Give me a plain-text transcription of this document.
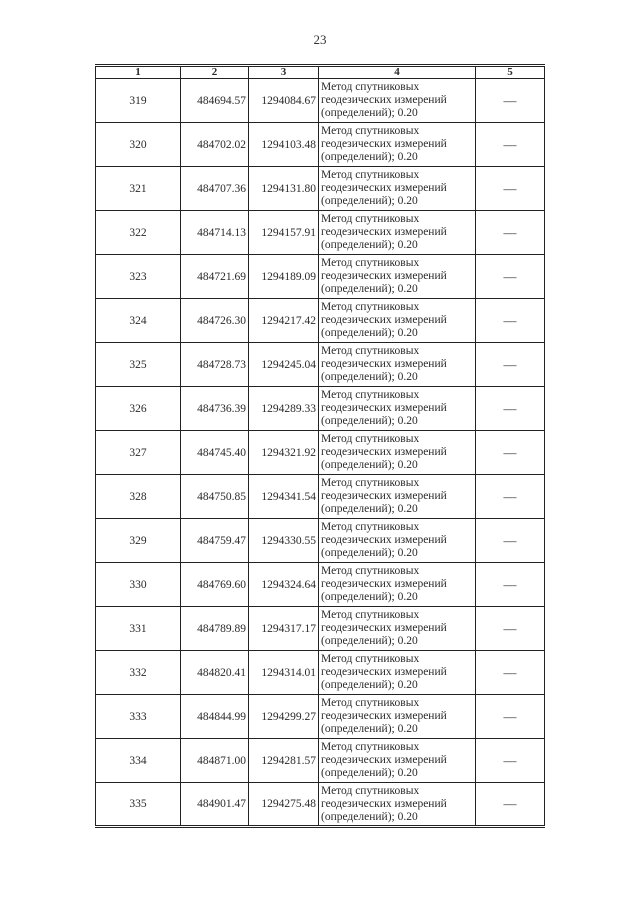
23
1	2	3	4	5
319	484694.57	1294084.67	Метод спутниковых геодезических измерений (определений); 0.20	—
320	484702.02	1294103.48	Метод спутниковых геодезических измерений (определений); 0.20	—
321	484707.36	1294131.80	Метод спутниковых геодезических измерений (определений); 0.20	—
322	484714.13	1294157.91	Метод спутниковых геодезических измерений (определений); 0.20	—
323	484721.69	1294189.09	Метод спутниковых геодезических измерений (определений); 0.20	—
324	484726.30	1294217.42	Метод спутниковых геодезических измерений (определений); 0.20	—
325	484728.73	1294245.04	Метод спутниковых геодезических измерений (определений); 0.20	—
326	484736.39	1294289.33	Метод спутниковых геодезических измерений (определений); 0.20	—
327	484745.40	1294321.92	Метод спутниковых геодезических измерений (определений); 0.20	—
328	484750.85	1294341.54	Метод спутниковых геодезических измерений (определений); 0.20	—
329	484759.47	1294330.55	Метод спутниковых геодезических измерений (определений); 0.20	—
330	484769.60	1294324.64	Метод спутниковых геодезических измерений (определений); 0.20	—
331	484789.89	1294317.17	Метод спутниковых геодезических измерений (определений); 0.20	—
332	484820.41	1294314.01	Метод спутниковых геодезических измерений (определений); 0.20	—
333	484844.99	1294299.27	Метод спутниковых геодезических измерений (определений); 0.20	—
334	484871.00	1294281.57	Метод спутниковых геодезических измерений (определений); 0.20	—
335	484901.47	1294275.48	Метод спутниковых геодезических измерений (определений); 0.20	—
